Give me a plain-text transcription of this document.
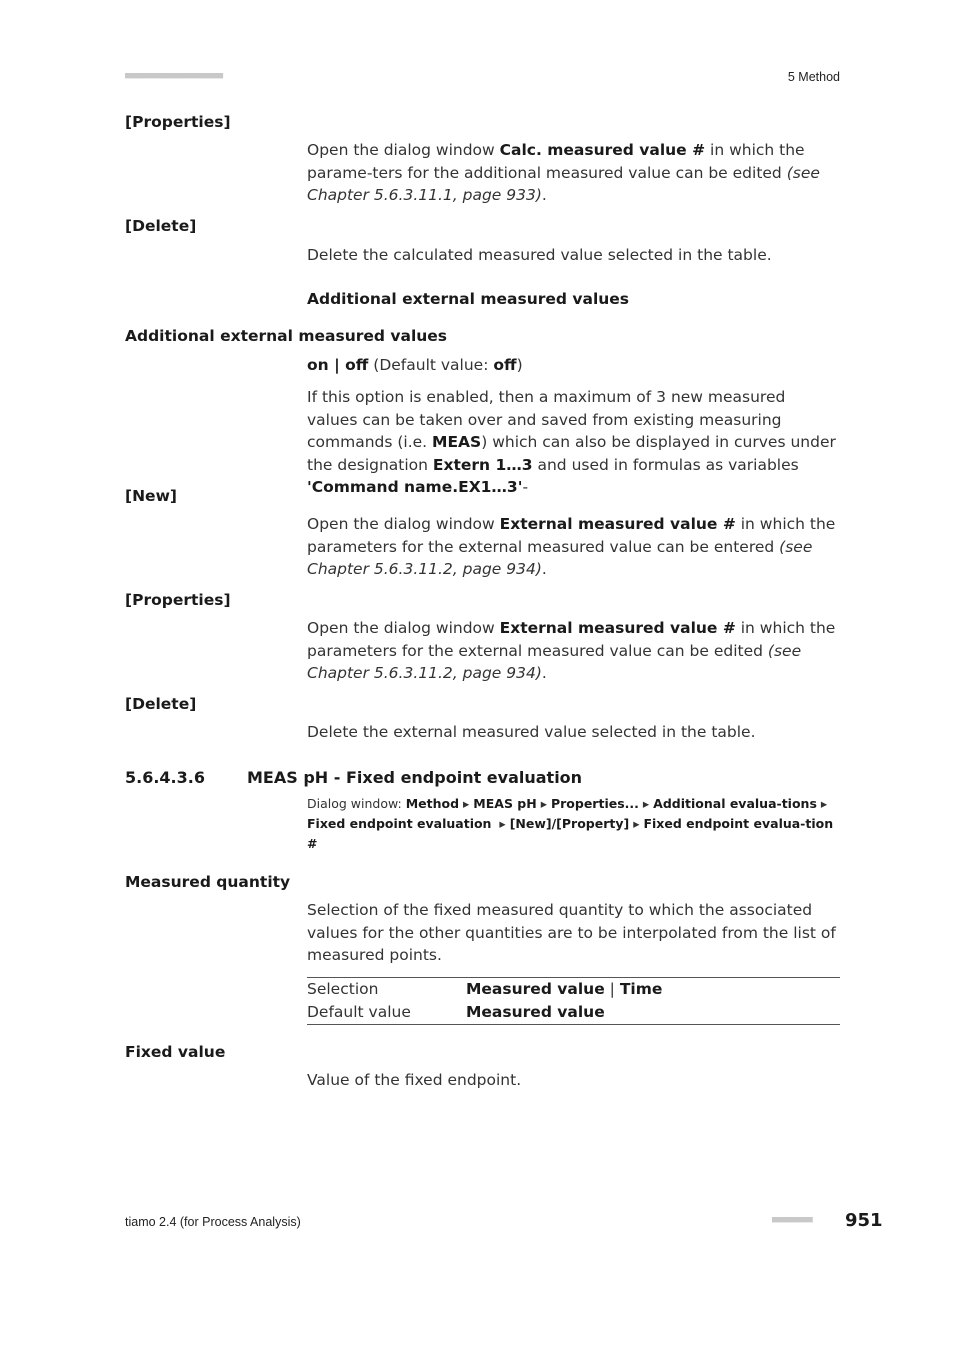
■■■■■■■■■■■■■■■■■■■■■■	5 Method
[Properties]
Open the dialog window Calc. measured value # in which the parame-ters for the additional measured value can be edited (see Chapter 5.6.3.11.1, page 933).
[Delete]
Delete the calculated measured value selected in the table.
Additional external measured values
Additional external measured values
on | off (Default value: off)
If this option is enabled, then a maximum of 3 new measured values can be taken over and saved from existing measuring commands (i.e. MEAS) which can also be displayed in curves under the designation Extern 1…3 and used in formulas as variables 'Command name.EX1…3'-
[New]
Open the dialog window External measured value # in which the parameters for the external measured value can be entered (see Chapter 5.6.3.11.2, page 934).
[Properties]
Open the dialog window External measured value # in which the parameters for the external measured value can be edited (see Chapter 5.6.3.11.2, page 934).
[Delete]
Delete the external measured value selected in the table.
5.6.4.3.6	MEAS pH - Fixed endpoint evaluation
Dialog window: Method ▸ MEAS pH ▸ Properties... ▸ Additional evalua-tions ▸ Fixed endpoint evaluation ▸ [New]/[Property] ▸ Fixed endpoint evalua-tion #
Measured quantity
Selection of the fixed measured quantity to which the associated values for the other quantities are to be interpolated from the list of measured points.
Selection	Measured value | Time
Default value	Measured value
Fixed value
Value of the fixed endpoint.
tiamo 2.4 (for Process Analysis)	■■■■■■■■■ 951
